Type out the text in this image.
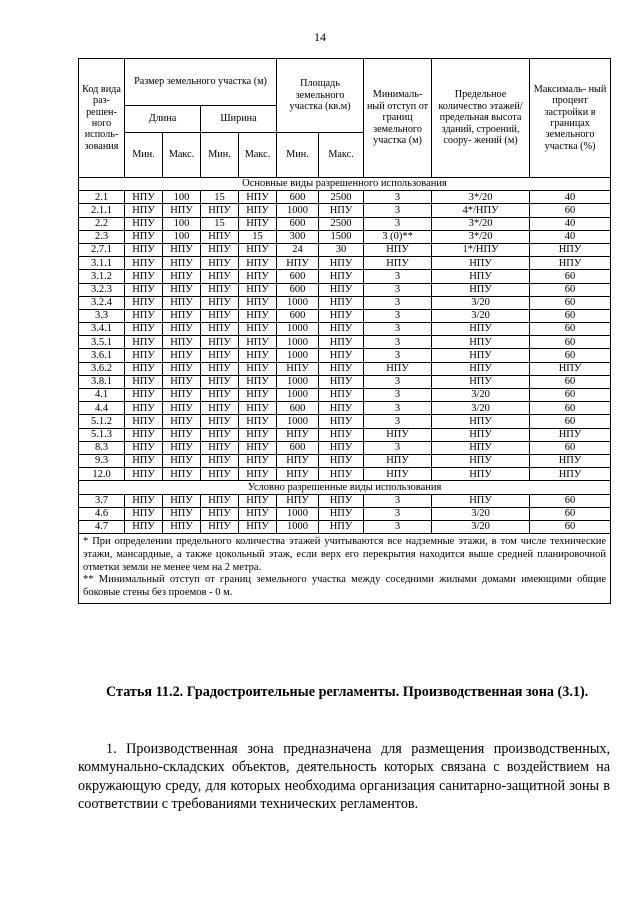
14
Код вида раз- решен- ного исполь- зования	Размер земельного участка (м)				Площадь земельного участка (кв.м)		Минималь- ный отступ от границ земельного участка (м)	Предельное количество этажей/ предельная высота зданий, строений, соору- жений (м)	Максималь- ный процент застройки в границах земельного участка (%)
	Длина		Ширина						
	Мин.	Макс.	Мин.	Макс.	Мин.	Макс.			
Основные виды разрешенного использования									
2.1	НПУ	100	15	НПУ	600	2500	3	3*/20	40
2.1.1	НПУ	НПУ	НПУ	НПУ	1000	НПУ	3	4*/НПУ	60
2.2	НПУ	100	15	НПУ	600	2500	3	3*/20	40
2.3	НПУ	100	НПУ	15	300	1500	3 (0)**	3*/20	40
2.7.1	НПУ	НПУ	НПУ	НПУ	24	30	НПУ	1*/НПУ	НПУ
3.1.1	НПУ	НПУ	НПУ	НПУ	НПУ	НПУ	НПУ	НПУ	НПУ
3.1.2	НПУ	НПУ	НПУ	НПУ	600	НПУ	3	НПУ	60
3.2.3	НПУ	НПУ	НПУ	НПУ	600	НПУ	3	НПУ	60
3.2.4	НПУ	НПУ	НПУ	НПУ	1000	НПУ	3	3/20	60
3.3	НПУ	НПУ	НПУ	НПУ	600	НПУ	3	3/20	60
3.4.1	НПУ	НПУ	НПУ	НПУ	1000	НПУ	3	НПУ	60
3.5.1	НПУ	НПУ	НПУ	НПУ	1000	НПУ	3	НПУ	60
3.6.1	НПУ	НПУ	НПУ	НПУ	1000	НПУ	3	НПУ	60
3.6.2	НПУ	НПУ	НПУ	НПУ	НПУ	НПУ	НПУ	НПУ	НПУ
3.8.1	НПУ	НПУ	НПУ	НПУ	1000	НПУ	3	НПУ	60
4.1	НПУ	НПУ	НПУ	НПУ	1000	НПУ	3	3/20	60
4.4	НПУ	НПУ	НПУ	НПУ	600	НПУ	3	3/20	60
5.1.2	НПУ	НПУ	НПУ	НПУ	1000	НПУ	3	НПУ	60
5.1.3	НПУ	НПУ	НПУ	НПУ	НПУ	НПУ	НПУ	НПУ	НПУ
8.3	НПУ	НПУ	НПУ	НПУ	600	НПУ	3	НПУ	60
9.3	НПУ	НПУ	НПУ	НПУ	НПУ	НПУ	НПУ	НПУ	НПУ
12.0	НПУ	НПУ	НПУ	НПУ	НПУ	НПУ	НПУ	НПУ	НПУ
Условно разрешенные виды использования									
3.7	НПУ	НПУ	НПУ	НПУ	НПУ	НПУ	3	НПУ	60
4.6	НПУ	НПУ	НПУ	НПУ	1000	НПУ	3	3/20	60
4.7	НПУ	НПУ	НПУ	НПУ	1000	НПУ	3	3/20	60

* При определении предельного количества этажей учитываются все надземные этажи, в том числе технические этажи, мансардные, а также цокольный этаж, если верх его перекрытия находится выше средней планировочной отметки земли не менее чем на 2 метра.
** Минимальный отступ от границ земельного участка между соседними жилыми домами имеющими общие боковые стены без проемов - 0 м.									

Статья 11.2. Градостроительные регламенты. Производственная зона (3.1).

1. Производственная зона предназначена для размещения производственных, коммунально-складских объектов, деятельность которых связана с воздействием на окружающую среду, для которых необходима организация санитарно-защитной зоны в соответствии с требованиями технических регламентов.
